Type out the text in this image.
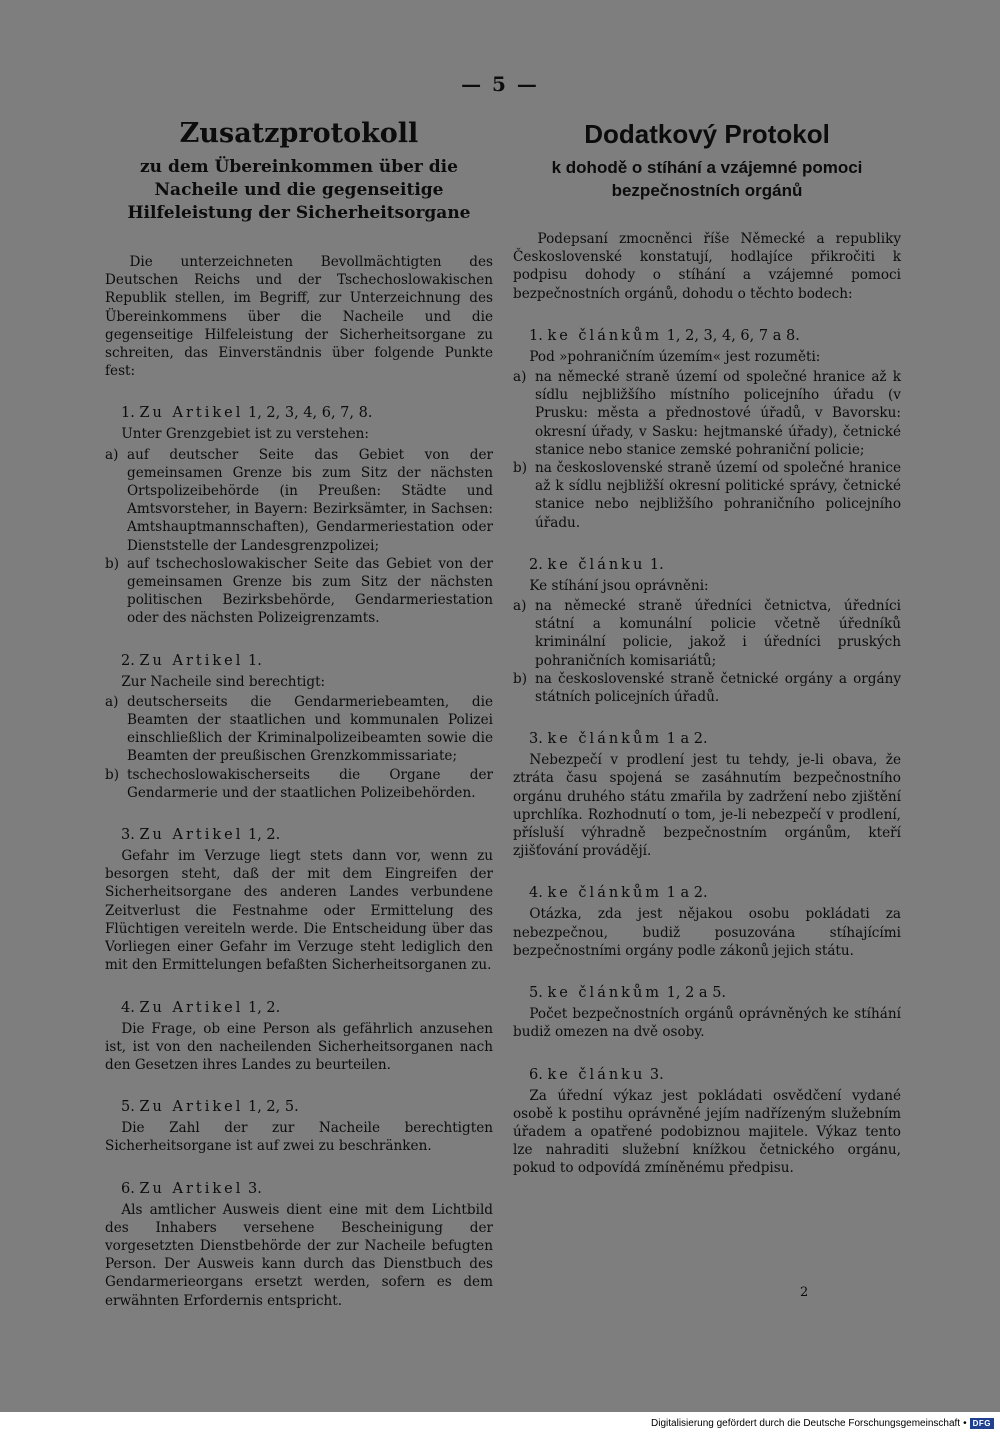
— 5 —
Zusatzprotokoll
zu dem Übereinkommen über die Nacheile und die gegenseitige Hilfeleistung der Sicherheitsorgane

Die unterzeichneten Bevollmächtigten des Deutschen Reichs und der Tschechoslowakischen Republik stellen, im Begriff, zur Unterzeichnung des Übereinkommens über die Nacheile und die gegenseitige Hilfeleistung der Sicherheitsorgane zu schreiten, das Einverständnis über folgende Punkte fest:

1. Zu Artikel 1, 2, 3, 4, 6, 7, 8.

Unter Grenzgebiet ist zu verstehen:

a) auf deutscher Seite das Gebiet von der gemeinsamen Grenze bis zum Sitz der nächsten Ortspolizeibehörde (in Preußen: Städte und Amtsvorsteher, in Bayern: Bezirksämter, in Sachsen: Amtshauptmannschaften), Gendarmeriestation oder Dienststelle der Landesgrenzpolizei;
b) auf tschechoslowakischer Seite das Gebiet von der gemeinsamen Grenze bis zum Sitz der nächsten politischen Bezirksbehörde, Gendarmeriestation oder des nächsten Polizeigrenzamts.
2. Zu Artikel 1.

Zur Nacheile sind berechtigt:

a) deutscherseits die Gendarmeriebeamten, die Beamten der staatlichen und kommunalen Polizei einschließlich der Kriminalpolizeibeamten sowie die Beamten der preußischen Grenzkommissariate;
b) tschechoslowakischerseits die Organe der Gendarmerie und der staatlichen Polizeibehörden.
3. Zu Artikel 1, 2.

Gefahr im Verzuge liegt stets dann vor, wenn zu besorgen steht, daß der mit dem Eingreifen der Sicherheitsorgane des anderen Landes verbundene Zeitverlust die Festnahme oder Ermittelung des Flüchtigen vereiteln werde. Die Entscheidung über das Vorliegen einer Gefahr im Verzuge steht lediglich den mit den Ermittelungen befaßten Sicherheitsorganen zu.

4. Zu Artikel 1, 2.

Die Frage, ob eine Person als gefährlich anzusehen ist, ist von den nacheilenden Sicherheitsorganen nach den Gesetzen ihres Landes zu beurteilen.

5. Zu Artikel 1, 2, 5.

Die Zahl der zur Nacheile berechtigten Sicherheitsorgane ist auf zwei zu beschränken.

6. Zu Artikel 3.

Als amtlicher Ausweis dient eine mit dem Lichtbild des Inhabers versehene Bescheinigung der vorgesetzten Dienstbehörde der zur Nacheile befugten Person. Der Ausweis kann durch das Dienstbuch des Gendarmerieorgans ersetzt werden, sofern es dem erwähnten Erfordernis entspricht.

Dodatkový Protokol
k dohodě o stíhání a vzájemné pomoci bezpečnostních orgánů

Podepsaní zmocněnci říše Německé a republiky Československé konstatují, hodlajíce přikročiti k podpisu dohody o stíhání a vzájemné pomoci bezpečnostních orgánů, dohodu o těchto bodech:

1. ke článkům 1, 2, 3, 4, 6, 7 a 8.

Pod »pohraničním územím« jest rozuměti:

a) na německé straně území od společné hranice až k sídlu nejbližšího místního policejního úřadu (v Prusku: města a přednostové úřadů, v Bavorsku: okresní úřady, v Sasku: hejtmanské úřady), četnické stanice nebo stanice zemské pohraniční policie;
b) na československé straně území od společné hranice až k sídlu nejbližší okresní politické správy, četnické stanice nebo nejbližšího pohraničního policejního úřadu.
2. ke článku 1.

Ke stíhání jsou oprávněni:

a) na německé straně úředníci četnictva, úředníci státní a komunální policie včetně úředníků kriminální policie, jakož i úředníci pruských pohraničních komisariátů;
b) na československé straně četnické orgány a orgány státních policejních úřadů.
3. ke článkům 1 a 2.

Nebezpečí v prodlení jest tu tehdy, je-li obava, že ztráta času spojená se zasáhnutím bezpečnostního orgánu druhého státu zmařila by zadržení nebo zjištění uprchlíka. Rozhodnutí o tom, je-li nebezpečí v prodlení, přísluší výhradně bezpečnostním orgánům, kteří zjišťování provádějí.

4. ke článkům 1 a 2.

Otázka, zda jest nějakou osobu pokládati za nebezpečnou, budiž posuzována stíhajícími bezpečnostními orgány podle zákonů jejich státu.

5. ke článkům 1, 2 a 5.

Počet bezpečnostních orgánů oprávněných ke stíhání budiž omezen na dvě osoby.

6. ke článku 3.

Za úřední výkaz jest pokládati osvědčení vydané osobě k postihu oprávněné jejím nadřízeným služebním úřadem a opatřené podobiznou majitele. Výkaz tento lze nahraditi služební knížkou četnického orgánu, pokud to odpovídá zmíněnému předpisu.

2
Digitalisierung gefördert durch die Deutsche Forschungsgemeinschaft • DFG
